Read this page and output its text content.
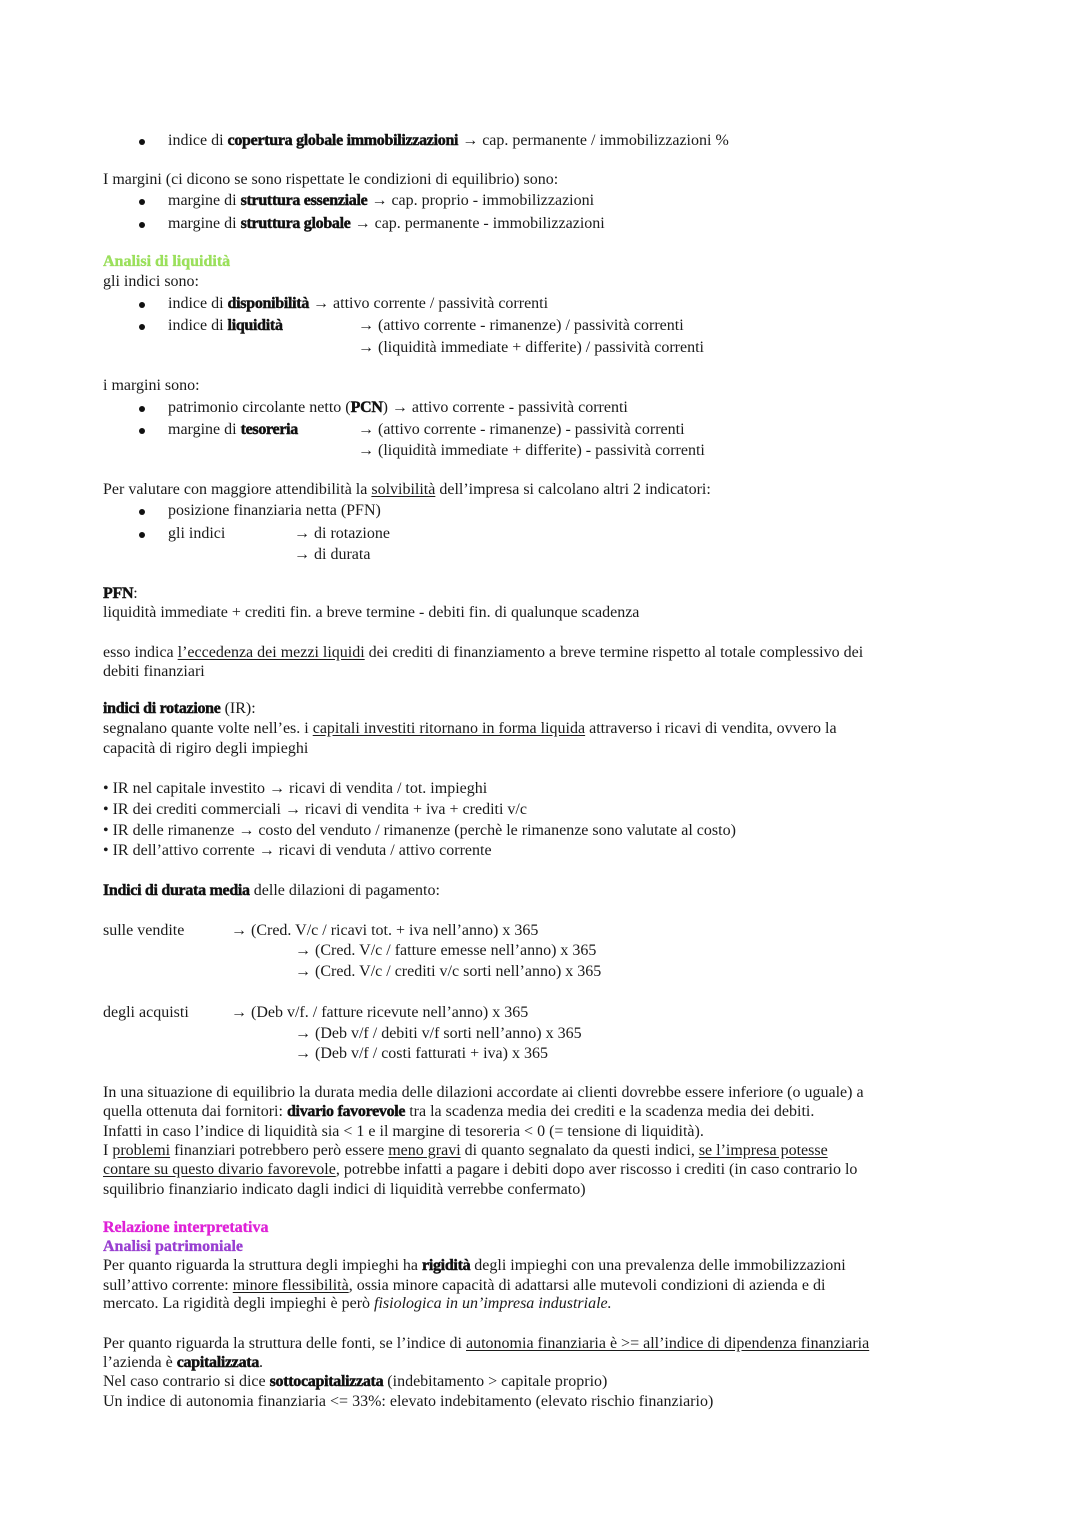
indice di copertura globale immobilizzazioni → cap. permanente / immobilizzazioni %
I margini (ci dicono se sono rispettate le condizioni di equilibrio) sono:
margine di struttura essenziale → cap. proprio - immobilizzazioni
margine di struttura globale → cap. permanente - immobilizzazioni
Analisi di liquidità
gli indici sono:
indice di disponibilità → attivo corrente / passività correnti
indice di liquidità	→ (attivo corrente - rimanenze) / passività correnti
→ (liquidità immediate + differite) / passività correnti
i margini sono:
patrimonio circolante netto (PCN) → attivo corrente - passività correnti
margine di tesoreria	→ (attivo corrente - rimanenze) - passività correnti
→ (liquidità immediate + differite) - passività correnti
Per valutare con maggiore attendibilità la solvibilità dell’impresa si calcolano altri 2 indicatori:
posizione finanziaria netta (PFN)
gli indici	→ di rotazione
→ di durata
PFN:
liquidità immediate + crediti fin. a breve termine - debiti fin. di qualunque scadenza
esso indica l’eccedenza dei mezzi liquidi dei crediti di finanziamento a breve termine rispetto al totale complessivo dei
debiti finanziari
indici di rotazione (IR):
segnalano quante volte nell’es. i capitali investiti ritornano in forma liquida attraverso i ricavi di vendita, ovvero la
capacità di rigiro degli impieghi
• IR nel capitale investito → ricavi di vendita / tot. impieghi
• IR dei crediti commerciali → ricavi di vendita + iva + crediti v/c
• IR delle rimanenze → costo del venduto / rimanenze (perchè le rimanenze sono valutate al costo)
• IR dell’attivo corrente → ricavi di venduta / attivo corrente
Indici di durata media delle dilazioni di pagamento:
sulle vendite	→ (Cred. V/c / ricavi tot. + iva nell’anno) x 365
→ (Cred. V/c / fatture emesse nell’anno) x 365
→ (Cred. V/c / crediti v/c sorti nell’anno) x 365
degli acquisti	→ (Deb v/f. / fatture ricevute nell’anno) x 365
→ (Deb v/f / debiti v/f sorti nell’anno) x 365
→ (Deb v/f / costi fatturati + iva) x 365
In una situazione di equilibrio la durata media delle dilazioni accordate ai clienti dovrebbe essere inferiore (o uguale) a
quella ottenuta dai fornitori: divario favorevole tra la scadenza media dei crediti e la scadenza media dei debiti.
Infatti in caso l’indice di liquidità sia < 1 e il margine di tesoreria < 0 (= tensione di liquidità).
I problemi finanziari potrebbero però essere meno gravi di quanto segnalato da questi indici, se l’impresa potesse
contare su questo divario favorevole, potrebbe infatti a pagare i debiti dopo aver riscosso i crediti (in caso contrario lo
squilibrio finanziario indicato dagli indici di liquidità verrebbe confermato)
Relazione interpretativa
Analisi patrimoniale
Per quanto riguarda la struttura degli impieghi ha rigidità degli impieghi con una prevalenza delle immobilizzazioni
sull’attivo corrente: minore flessibilità, ossia minore capacità di adattarsi alle mutevoli condizioni di azienda e di
mercato. La rigidità degli impieghi è però fisiologica in un’impresa industriale.
Per quanto riguarda la struttura delle fonti, se l’indice di autonomia finanziaria è >= all’indice di dipendenza finanziaria
l’azienda è capitalizzata.
Nel caso contrario si dice sottocapitalizzata (indebitamento > capitale proprio)
Un indice di autonomia finanziaria <= 33%: elevato indebitamento (elevato rischio finanziario)
